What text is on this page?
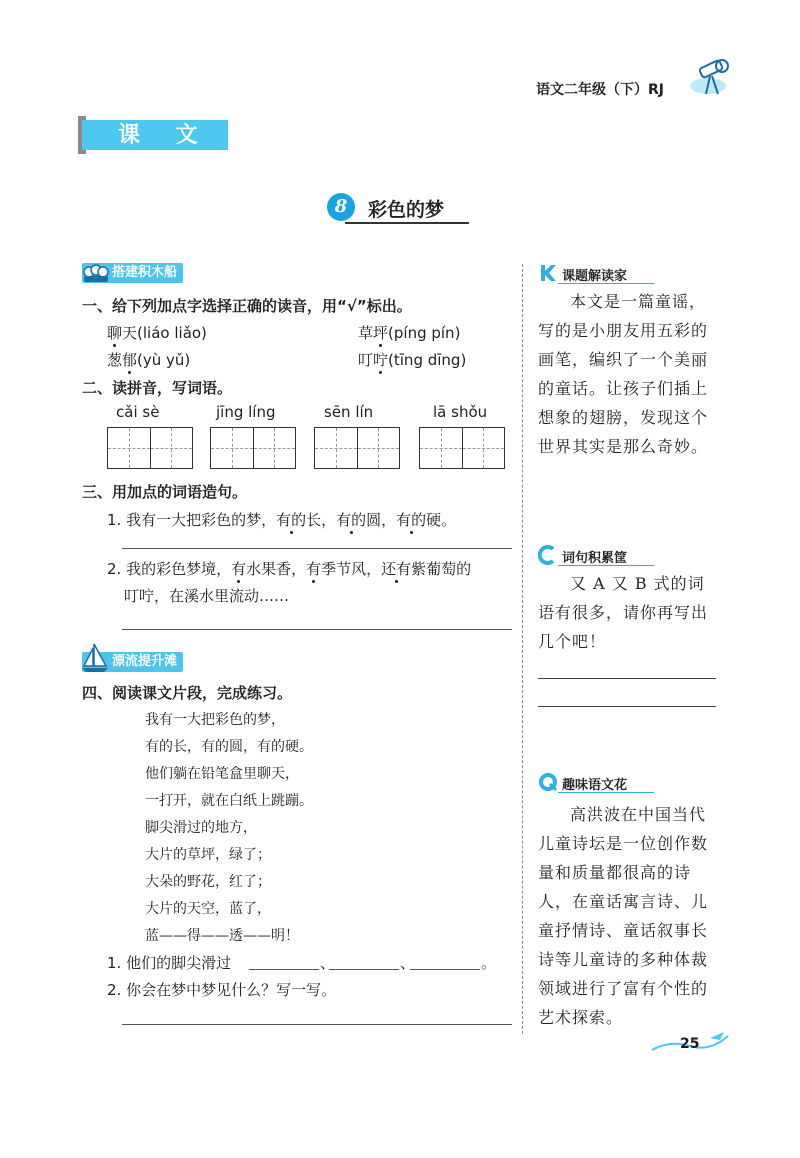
语文二年级（下）RJ
课 文
8	彩色的梦
搭建积木船
一、给下列加点字选择正确的读音，用“√”标出。
聊天(liáo liǎo)	草坪(píng pín)
葱郁(yù yǔ)	叮咛(tīng dīng)
二、读拼音，写词语。
cǎi sè	jīng líng	sēn lín	lā shǒu
三、用加点的词语造句。
1. 我有一大把彩色的梦，有的长，有的圆，有的硬。
2. 我的彩色梦境，有水果香，有季节风，还有紫葡萄的
叮咛，在溪水里流动……
漂流提升滩
四、阅读课文片段，完成练习。
我有一大把彩色的梦，
有的长，有的圆，有的硬。
他们躺在铅笔盒里聊天，
一打开，就在白纸上跳蹦。
脚尖滑过的地方，
大片的草坪，绿了；
大朵的野花，红了；
大片的天空，蓝了，
蓝——得——透——明！
1. 他们的脚尖滑过	、	、	。
2. 你会在梦中梦见什么？写一写。
课题解读家
本文是一篇童谣，写的是小朋友用五彩的画笔，编织了一个美丽的童话。让孩子们插上想象的翅膀，发现这个世界其实是那么奇妙。
词句积累筐
又 A 又 B 式的词语有很多，请你再写出几个吧！
趣味语文花
高洪波在中国当代儿童诗坛是一位创作数量和质量都很高的诗人，在童话寓言诗、儿童抒情诗、童话叙事长诗等儿童诗的多种体裁领域进行了富有个性的艺术探索。
25
